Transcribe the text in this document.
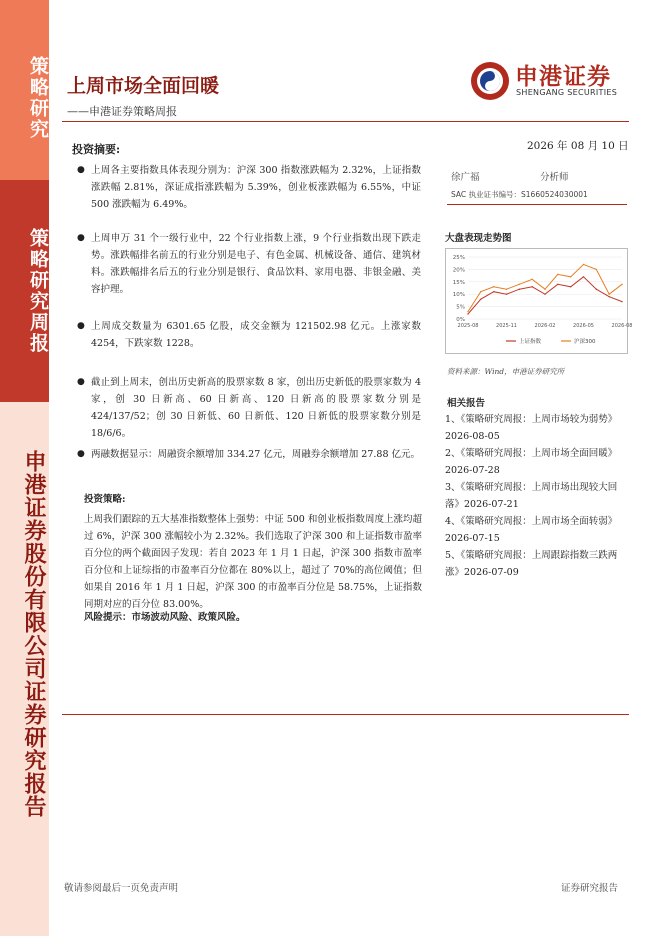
策略研究
策略研究周报
申港证券股份有限公司证券研究报告
上周市场全面回暖
——申港证券策略周报
申港证券
SHENGANG SECURITIES
投资摘要:
● 上周各主要指数具体表现分别为：沪深 300 指数涨跌幅为 2.32%，上证指数涨跌幅 2.81%，深证成指涨跌幅为 5.39%，创业板涨跌幅为 6.55%，中证 500 涨跌幅为 6.49%。
● 上周申万 31 个一级行业中，22 个行业指数上涨，9 个行业指数出现下跌走势。涨跌幅排名前五的行业分别是电子、有色金属、机械设备、通信、建筑材料。涨跌幅排名后五的行业分别是银行、食品饮料、家用电器、非银金融、美容护理。
● 上周成交数量为 6301.65 亿股，成交金额为 121502.98 亿元。上涨家数 4254，下跌家数 1228。
● 截止到上周末，创出历史新高的股票家数 8 家，创出历史新低的股票家数为 4 家，创 30 日新高、60 日新高、120 日新高的股票家数分别是 424/137/52；创 30 日新低、60 日新低、120 日新低的股票家数分别是 18/6/6。
● 两融数据显示：周融资余额增加 334.27 亿元，周融券余额增加 27.88 亿元。
投资策略:
上周我们跟踪的五大基准指数整体上强势：中证 500 和创业板指数周度上涨均超过 6%，沪深 300 涨幅较小为 2.32%。我们选取了沪深 300 和上证指数市盈率百分位的两个截面因子发现：若自 2023 年 1 月 1 日起，沪深 300 指数市盈率百分位和上证综指的市盈率百分位都在 80%以上，超过了 70%的高位阈值；但如果自 2016 年 1 月 1 日起，沪深 300 的市盈率百分位是 58.75%，上证指数同期对应的百分位 83.00%。
风险提示：市场波动风险、政策风险。
2026 年 08 月 10 日
徐广福	分析师
SAC 执业证书编号：S1660524030001
大盘表现走势图
25%
20%
15%
10%
5%
0%
2025-08	2025-11	2026-02	2026-05	2026-08
上证指数	沪深300
资料来源：Wind，申港证券研究所
相关报告
1、《策略研究周报：上周市场较为弱势》2026-08-05
2、《策略研究周报：上周市场全面回暖》2026-07-28
3、《策略研究周报：上周市场出现较大回落》2026-07-21
4、《策略研究周报：上周市场全面转弱》2026-07-15
5、《策略研究周报：上周跟踪指数三跌两涨》2026-07-09
敬请参阅最后一页免责声明	证券研究报告
